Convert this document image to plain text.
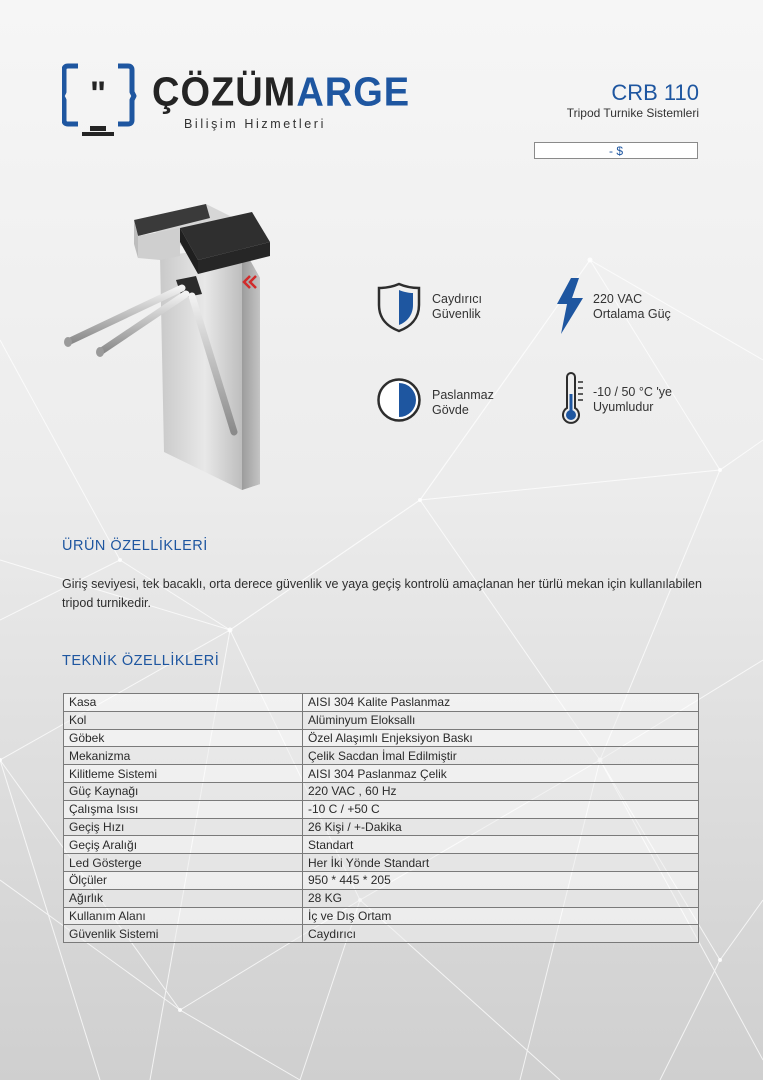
" ÇÖZÜMARGE
Bilişim Hizmetleri
CRB 110
Tripod Turnike Sistemleri
- $
Caydırıcı
Güvenlik
220 VAC
Ortalama Güç
Paslanmaz
Gövde
-10 / 50 °C 'ye
Uyumludur
ÜRÜN ÖZELLİKLERİ
Giriş seviyesi, tek bacaklı, orta derece güvenlik ve yaya geçiş kontrolü amaçlanan her türlü mekan için kullanılabilen tripod turnikedir.
TEKNİK ÖZELLİKLERİ
Kasa	AISI 304 Kalite Paslanmaz
Kol	Alüminyum Eloksallı
Göbek	Özel Alaşımlı Enjeksiyon Baskı
Mekanizma	Çelik Sacdan İmal Edilmiştir
Kilitleme Sistemi	AISI 304 Paslanmaz Çelik
Güç Kaynağı	220 VAC , 60 Hz
Çalışma Isısı	-10 C / +50 C
Geçiş Hızı	26 Kişi / +-Dakika
Geçiş Aralığı	Standart
Led Gösterge	Her İki Yönde Standart
Ölçüler	950 * 445 * 205
Ağırlık	28 KG
Kullanım Alanı	İç ve Dış Ortam
Güvenlik Sistemi	Caydırıcı
